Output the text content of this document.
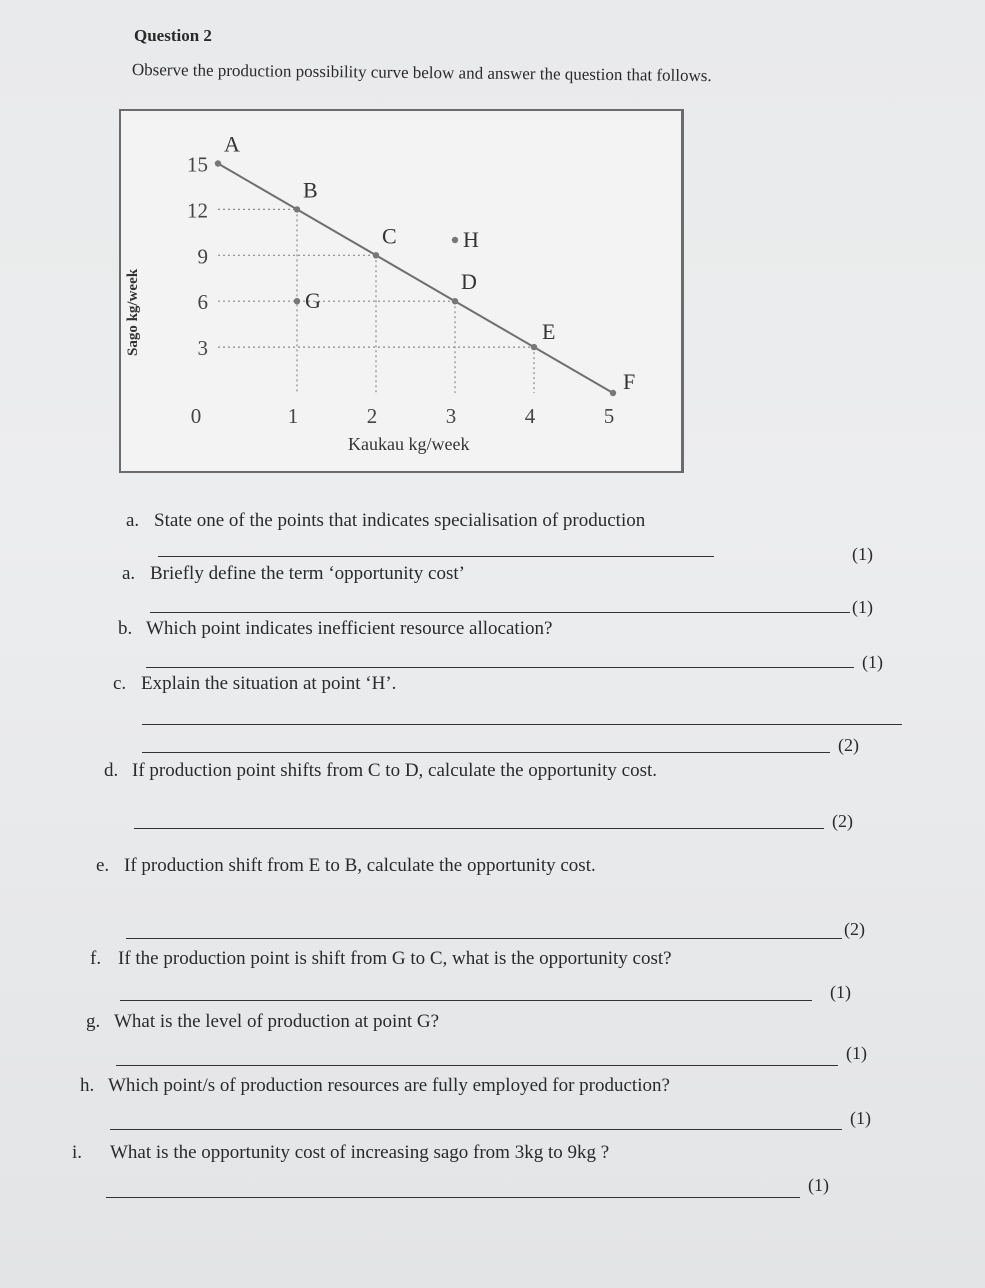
Question 2
Observe the production possibility curve below and answer the question that follows.
A
B
C
D
E
F
G
H
15
12
9
6
3
0	1	2	3	4	5
Sago kg/week
Kaukau kg/week
a. State one of the points that indicates specialisation of production
(1)
a. Briefly define the term ‘opportunity cost’
(1)
b. Which point indicates inefficient resource allocation?
(1)
c. Explain the situation at point ‘H’.
(2)
d. If production point shifts from C to D, calculate the opportunity cost.
(2)
e. If production shift from E to B, calculate the opportunity cost.
(2)
f. If the production point is shift from G to C, what is the opportunity cost?
(1)
g. What is the level of production at point G?
(1)
h. Which point/s of production resources are fully employed for production?
(1)
i. What is the opportunity cost of increasing sago from 3kg to 9kg ?
(1)
